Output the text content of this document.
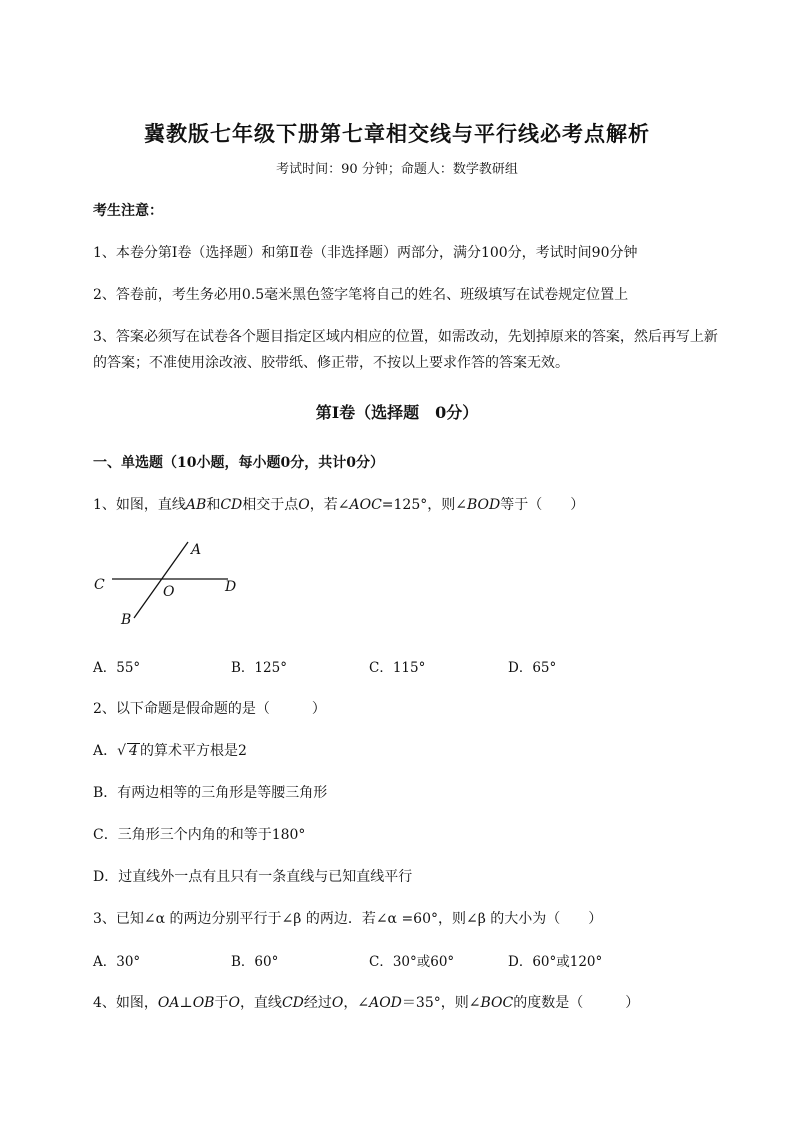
冀教版七年级下册第七章相交线与平行线必考点解析
考试时间：90 分钟；命题人：数学教研组
考生注意：
1、本卷分第Ⅰ卷（选择题）和第Ⅱ卷（非选择题）两部分，满分100分，考试时间90分钟
2、答卷前，考生务必用0.5毫米黑色签字笔将自己的姓名、班级填写在试卷规定位置上
3、答案必须写在试卷各个题目指定区域内相应的位置，如需改动，先划掉原来的答案，然后再写上新
的答案；不准使用涂改液、胶带纸、修正带，不按以上要求作答的答案无效。
第Ⅰ卷（选择题　0分）
一、单选题（10小题，每小题0分，共计0分）
1、如图，直线AB和CD相交于点O，若∠AOC=125°，则∠BOD等于（　　）
A
C	D
O
B
A．55°	B．125°	C．115°	D．65°
2、以下命题是假命题的是（　　　）
A．√ 4 的算术平方根是2
B．有两边相等的三角形是等腰三角形
C．三角形三个内角的和等于180°
D．过直线外一点有且只有一条直线与已知直线平行
3、已知∠α 的两边分别平行于∠β 的两边．若∠α =60°，则∠β 的大小为（　　）
A．30°	B．60°	C．30°或60°	D．60°或120°
4、如图，OA⊥OB于O，直线CD经过O，∠AOD＝35°，则∠BOC的度数是（　　　）
